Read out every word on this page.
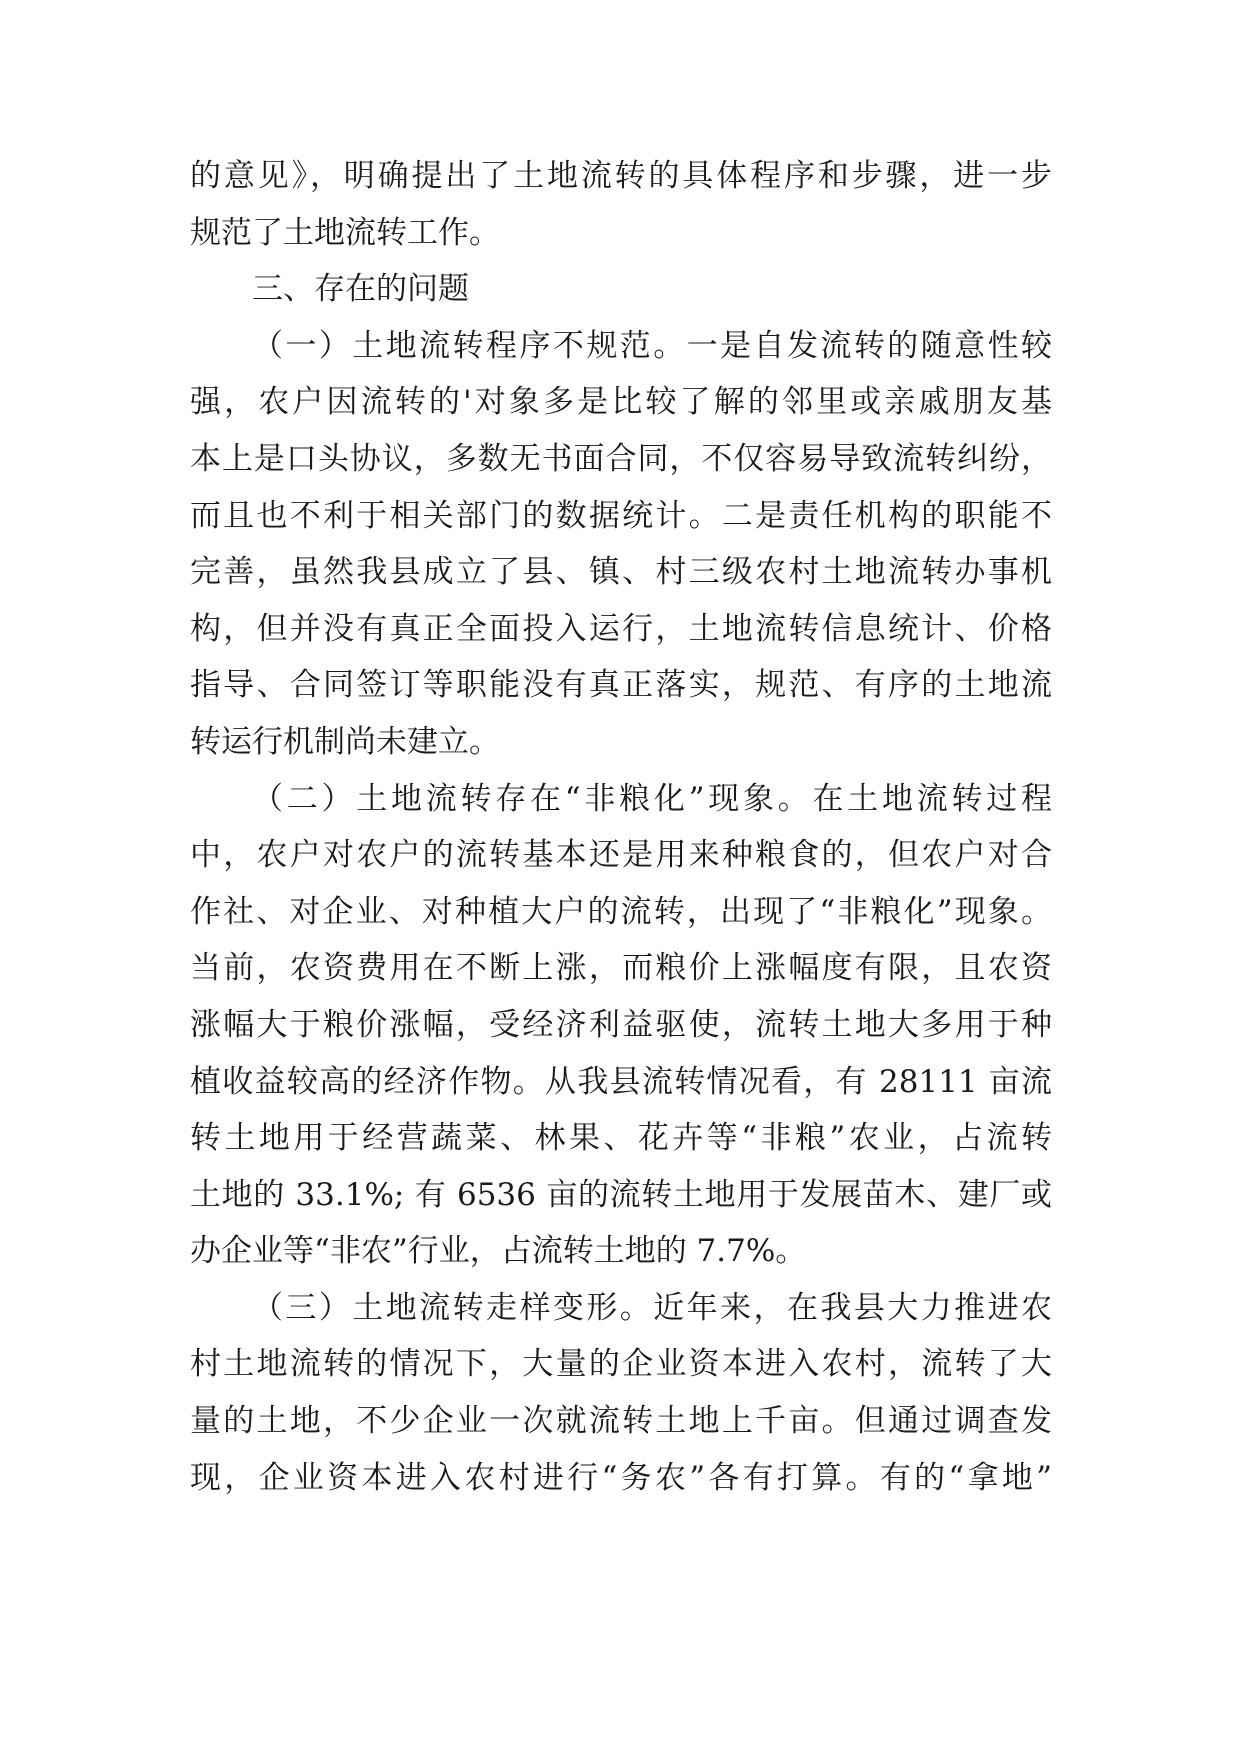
的意见》，明确提出了土地流转的具体程序和步骤，进一步
规范了土地流转工作。
三、存在的问题
（一）土地流转程序不规范。一是自发流转的随意性较
强，农户因流转的'对象多是比较了解的邻里或亲戚朋友基
本上是口头协议，多数无书面合同，不仅容易导致流转纠纷，
而且也不利于相关部门的数据统计。二是责任机构的职能不
完善，虽然我县成立了县、镇、村三级农村土地流转办事机
构，但并没有真正全面投入运行，土地流转信息统计、价格
指导、合同签订等职能没有真正落实，规范、有序的土地流
转运行机制尚未建立。
（二）土地流转存在“非粮化”现象。在土地流转过程
中，农户对农户的流转基本还是用来种粮食的，但农户对合
作社、对企业、对种植大户的流转，出现了“非粮化”现象。
当前，农资费用在不断上涨，而粮价上涨幅度有限，且农资
涨幅大于粮价涨幅，受经济利益驱使，流转土地大多用于种
植收益较高的经济作物。从我县流转情况看，有 28111 亩流
转土地用于经营蔬菜、林果、花卉等“非粮”农业，占流转
土地的 33.1%; 有 6536 亩的流转土地用于发展苗木、建厂或
办企业等“非农”行业，占流转土地的 7.7%。
（三）土地流转走样变形。近年来，在我县大力推进农
村土地流转的情况下，大量的企业资本进入农村，流转了大
量的土地，不少企业一次就流转土地上千亩。但通过调查发
现，企业资本进入农村进行“务农”各有打算。有的“拿地”
